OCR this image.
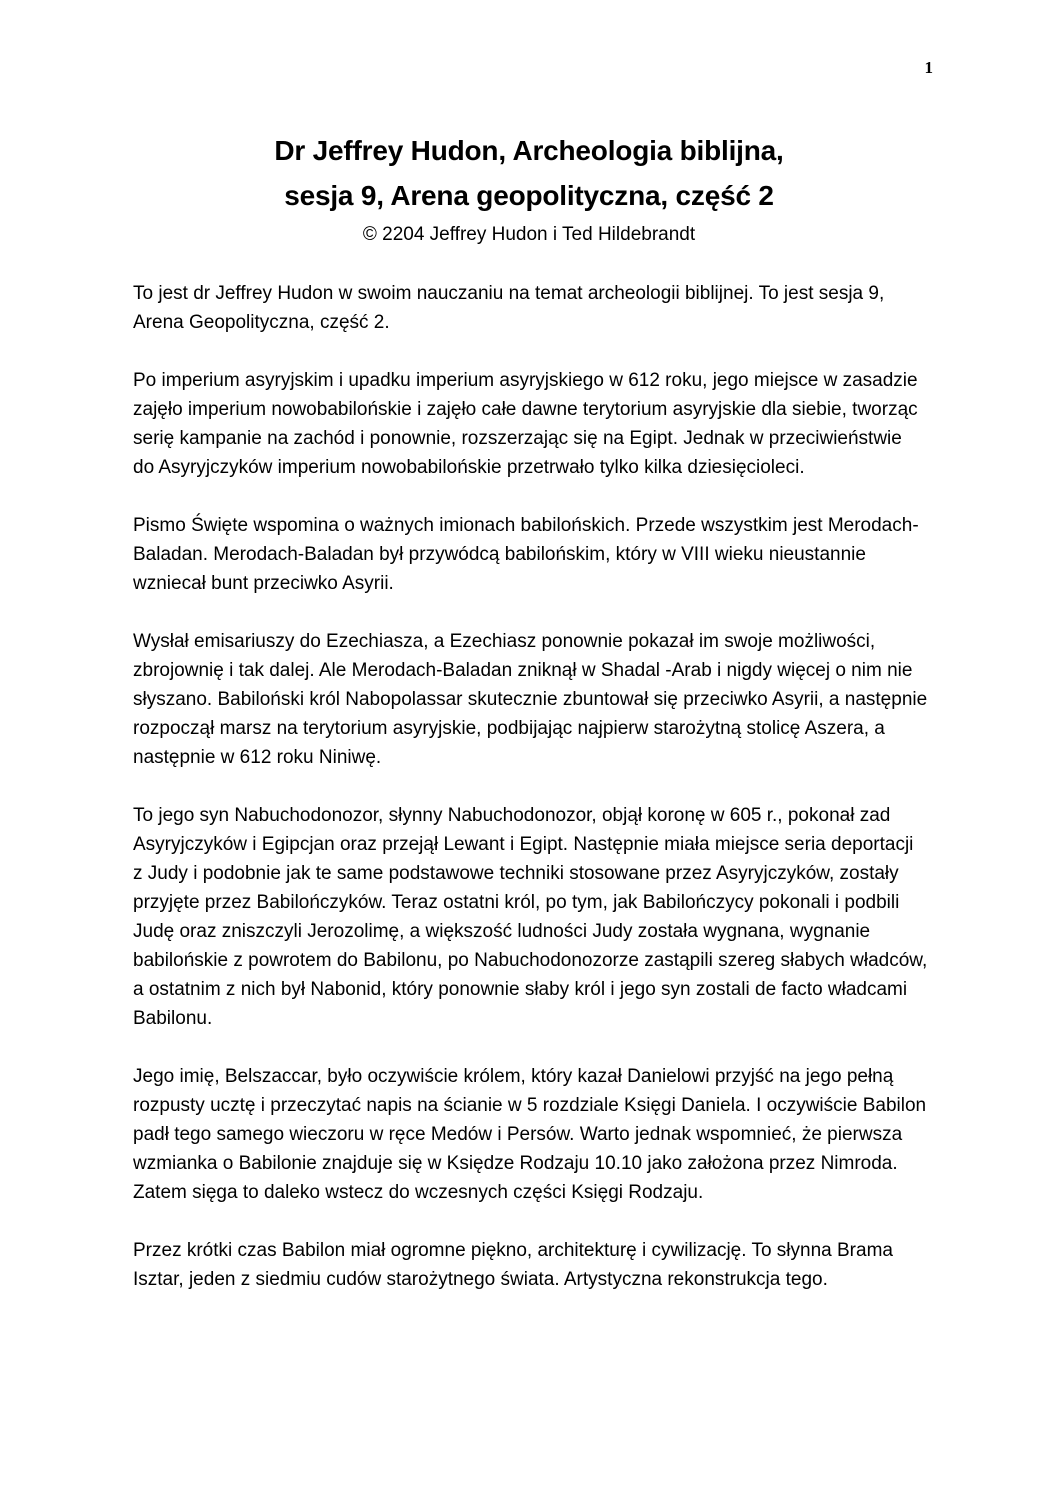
1
Dr Jeffrey Hudon, Archeologia biblijna,
sesja 9, Arena geopolityczna, część 2
© 2204 Jeffrey Hudon i Ted Hildebrandt

To jest dr Jeffrey Hudon w swoim nauczaniu na temat archeologii biblijnej. To jest sesja 9, Arena Geopolityczna, część 2.

Po imperium asyryjskim i upadku imperium asyryjskiego w 612 roku, jego miejsce w zasadzie zajęło imperium nowobabilońskie i zajęło całe dawne terytorium asyryjskie dla siebie, tworząc serię kampanie na zachód i ponownie, rozszerzając się na Egipt. Jednak w przeciwieństwie do Asyryjczyków imperium nowobabilońskie przetrwało tylko kilka dziesięcioleci.

Pismo Święte wspomina o ważnych imionach babilońskich. Przede wszystkim jest Merodach-Baladan. Merodach-Baladan był przywódcą babilońskim, który w VIII wieku nieustannie wzniecał bunt przeciwko Asyrii.

Wysłał emisariuszy do Ezechiasza, a Ezechiasz ponownie pokazał im swoje możliwości, zbrojownię i tak dalej. Ale Merodach-Baladan zniknął w Shadal -Arab i nigdy więcej o nim nie słyszano. Babiloński król Nabopolassar skutecznie zbuntował się przeciwko Asyrii, a następnie rozpoczął marsz na terytorium asyryjskie, podbijając najpierw starożytną stolicę Aszera, a następnie w 612 roku Niniwę.

To jego syn Nabuchodonozor, słynny Nabuchodonozor, objął koronę w 605 r., pokonał zad Asyryjczyków i Egipcjan oraz przejął Lewant i Egipt. Następnie miała miejsce seria deportacji z Judy i podobnie jak te same podstawowe techniki stosowane przez Asyryjczyków, zostały przyjęte przez Babilończyków. Teraz ostatni król, po tym, jak Babilończycy pokonali i podbili Judę oraz zniszczyli Jerozolimę, a większość ludności Judy została wygnana, wygnanie babilońskie z powrotem do Babilonu, po Nabuchodonozorze zastąpili szereg słabych władców, a ostatnim z nich był Nabonid, który ponownie słaby król i jego syn zostali de facto władcami Babilonu.

Jego imię, Belszaccar, było oczywiście królem, który kazał Danielowi przyjść na jego pełną rozpusty ucztę i przeczytać napis na ścianie w 5 rozdziale Księgi Daniela. I oczywiście Babilon padł tego samego wieczoru w ręce Medów i Persów. Warto jednak wspomnieć, że pierwsza wzmianka o Babilonie znajduje się w Księdze Rodzaju 10.10 jako założona przez Nimroda. Zatem sięga to daleko wstecz do wczesnych części Księgi Rodzaju.

Przez krótki czas Babilon miał ogromne piękno, architekturę i cywilizację. To słynna Brama Isztar, jeden z siedmiu cudów starożytnego świata. Artystyczna rekonstrukcja tego.
